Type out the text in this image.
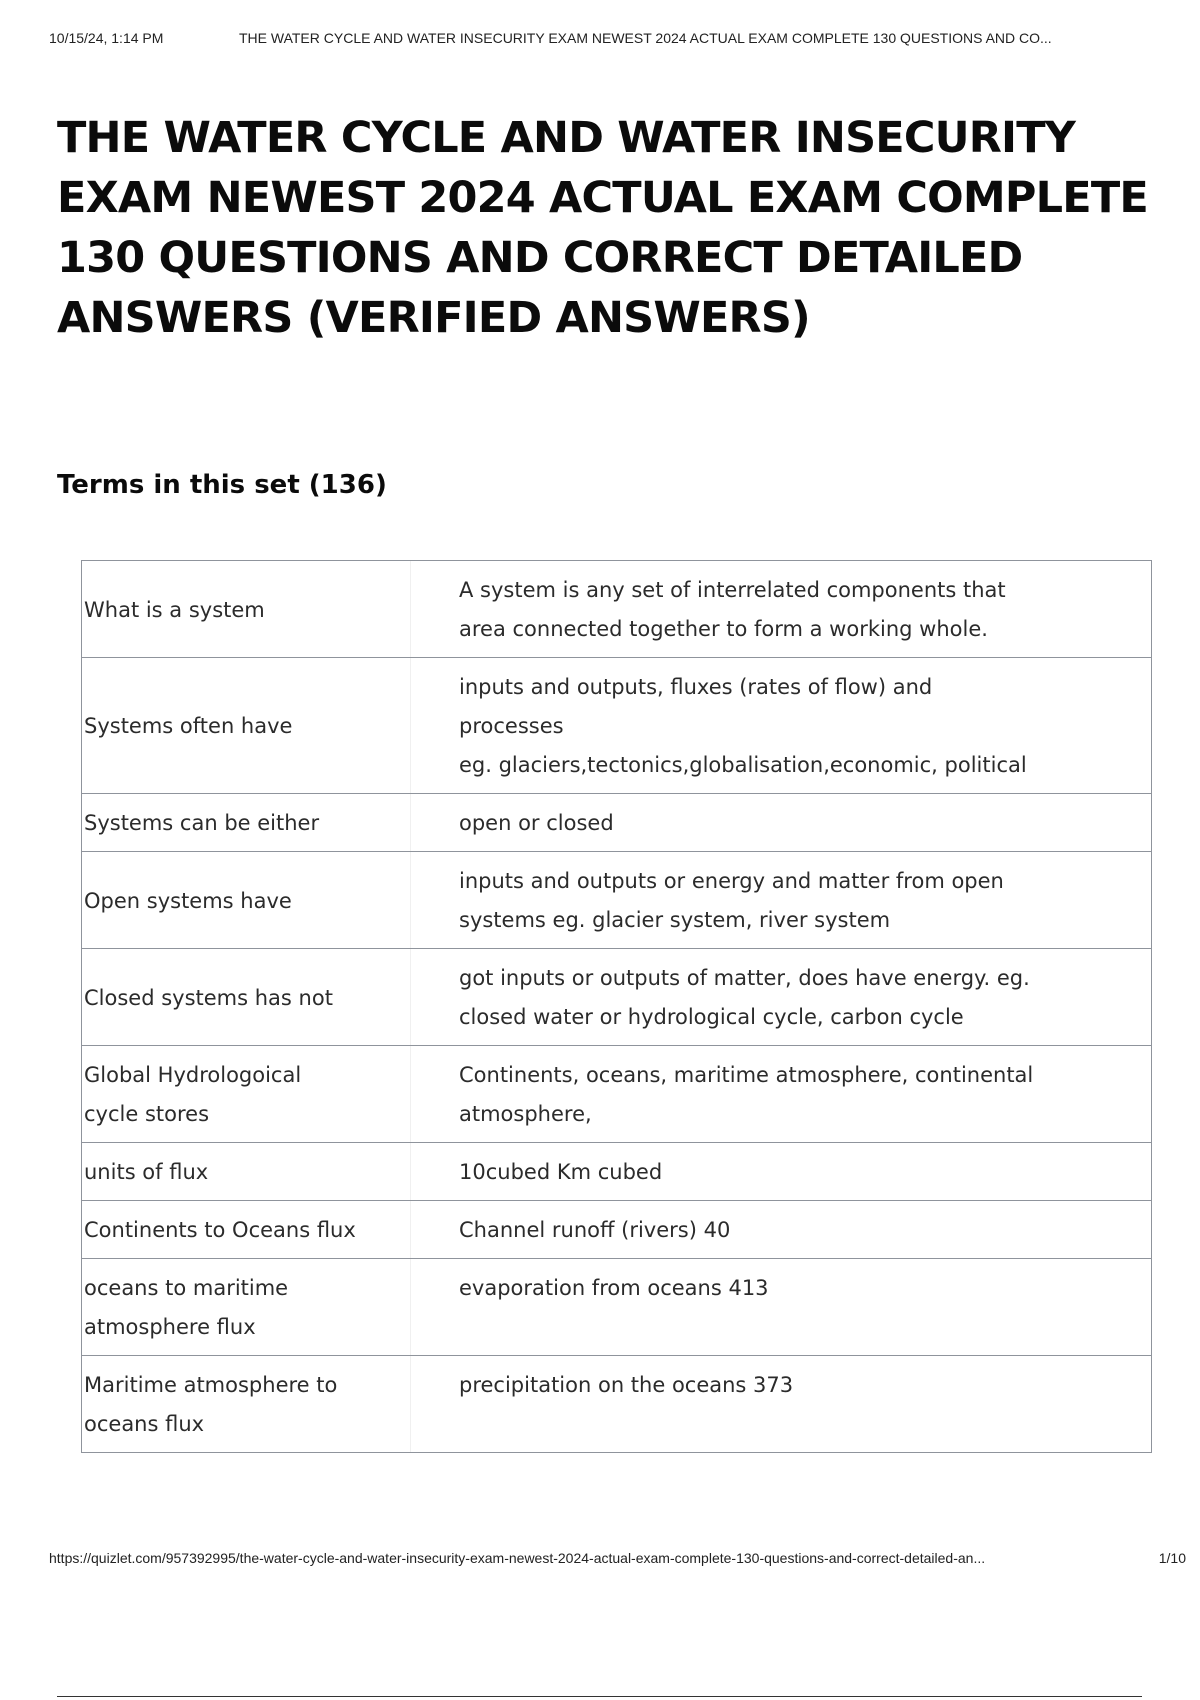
10/15/24, 1:14 PM	THE WATER CYCLE AND WATER INSECURITY EXAM NEWEST 2024 ACTUAL EXAM COMPLETE 130 QUESTIONS AND CO...
THE WATER CYCLE AND WATER INSECURITY EXAM NEWEST 2024 ACTUAL EXAM COMPLETE 130 QUESTIONS AND CORRECT DETAILED ANSWERS (VERIFIED ANSWERS)
Terms in this set (136)
What is a system	A system is any set of interrelated components that
area connected together to form a working whole.
Systems often have	inputs and outputs, fluxes (rates of flow) and
processes
eg. glaciers,tectonics,globalisation,economic, political
Systems can be either	open or closed
Open systems have	inputs and outputs or energy and matter from open
systems eg. glacier system, river system
Closed systems has not	got inputs or outputs of matter, does have energy. eg.
closed water or hydrological cycle, carbon cycle
Global Hydrologoical
cycle stores	Continents, oceans, maritime atmosphere, continental
atmosphere,
units of flux	10cubed Km cubed
Continents to Oceans flux	Channel runoff (rivers) 40
oceans to maritime
atmosphere flux	evaporation from oceans 413
Maritime atmosphere to
oceans flux	precipitation on the oceans 373
https://quizlet.com/957392995/the-water-cycle-and-water-insecurity-exam-newest-2024-actual-exam-complete-130-questions-and-correct-detailed-an...	1/10
